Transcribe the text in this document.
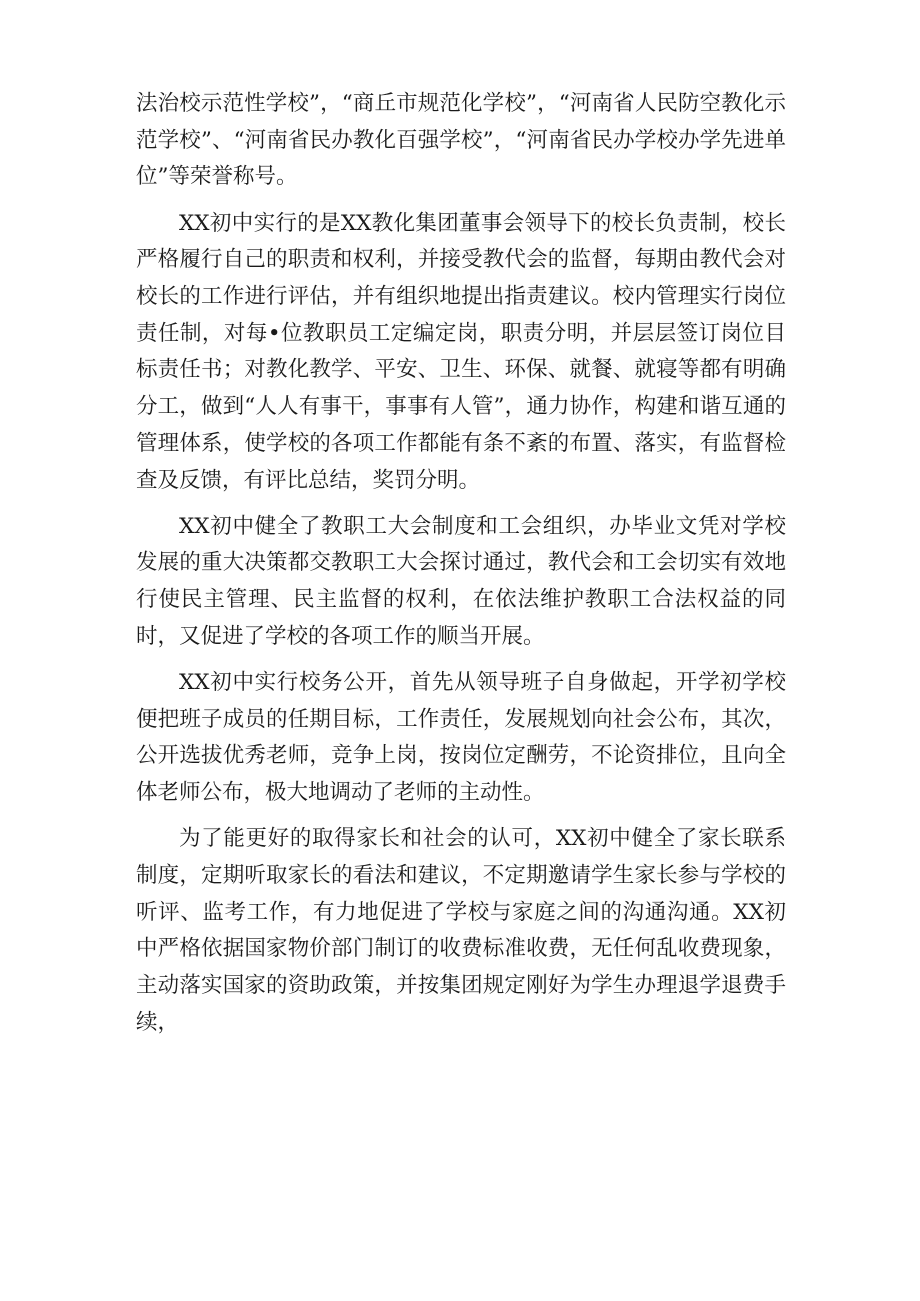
法治校示范性学校”，“商丘市规范化学校”，“河南省人民防空教化示范学校”、“河南省民办教化百强学校”，“河南省民办学校办学先进单位”等荣誉称号。

XX初中实行的是XX教化集团董事会领导下的校长负责制，校长严格履行自己的职责和权利，并接受教代会的监督，每期由教代会对校长的工作进行评估，并有组织地提出指责建议。校内管理实行岗位责任制，对每•位教职员工定编定岗，职责分明，并层层签订岗位目标责任书；对教化教学、平安、卫生、环保、就餐、就寝等都有明确分工，做到“人人有事干，事事有人管”，通力协作，构建和谐互通的管理体系，使学校的各项工作都能有条不紊的布置、落实，有监督检查及反馈，有评比总结，奖罚分明。

XX初中健全了教职工大会制度和工会组织，办毕业文凭对学校发展的重大决策都交教职工大会探讨通过，教代会和工会切实有效地行使民主管理、民主监督的权利，在依法维护教职工合法权益的同时，又促进了学校的各项工作的顺当开展。

XX初中实行校务公开，首先从领导班子自身做起，开学初学校便把班子成员的任期目标，工作责任，发展规划向社会公布，其次，公开选拔优秀老师，竞争上岗，按岗位定酬劳，不论资排位，且向全体老师公布，极大地调动了老师的主动性。

为了能更好的取得家长和社会的认可，XX初中健全了家长联系制度，定期听取家长的看法和建议，不定期邀请学生家长参与学校的听评、监考工作，有力地促进了学校与家庭之间的沟通沟通。XX初中严格依据国家物价部门制订的收费标准收费，无任何乱收费现象，主动落实国家的资助政策，并按集团规定刚好为学生办理退学退费手续，
